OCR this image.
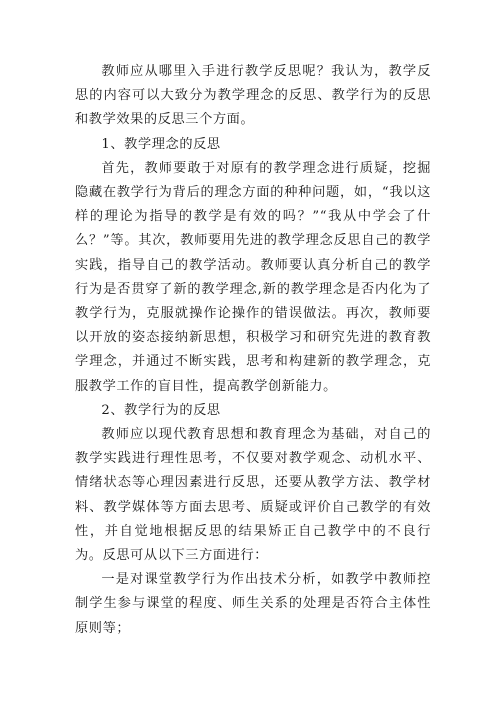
教师应从哪里入手进行教学反思呢？我认为，教学反思的内容可以大致分为教学理念的反思、教学行为的反思和教学效果的反思三个方面。

1、教学理念的反思

首先，教师要敢于对原有的教学理念进行质疑，挖掘隐藏在教学行为背后的理念方面的种种问题，如，“我以这样的理论为指导的教学是有效的吗？”“我从中学会了什么？”等。其次，教师要用先进的教学理念反思自己的教学实践，指导自己的教学活动。教师要认真分析自己的教学行为是否贯穿了新的教学理念,新的教学理念是否内化为了教学行为，克服就操作论操作的错误做法。再次，教师要以开放的姿态接纳新思想，积极学习和研究先进的教育教学理念，并通过不断实践，思考和构建新的教学理念，克服教学工作的盲目性，提高教学创新能力。

2、教学行为的反思

教师应以现代教育思想和教育理念为基础，对自己的教学实践进行理性思考，不仅要对教学观念、动机水平、情绪状态等心理因素进行反思，还要从教学方法、教学材料、教学媒体等方面去思考、质疑或评价自己教学的有效性，并自觉地根据反思的结果矫正自己教学中的不良行为。反思可从以下三方面进行：

一是对课堂教学行为作出技术分析，如教学中教师控制学生参与课堂的程度、师生关系的处理是否符合主体性原则等；
